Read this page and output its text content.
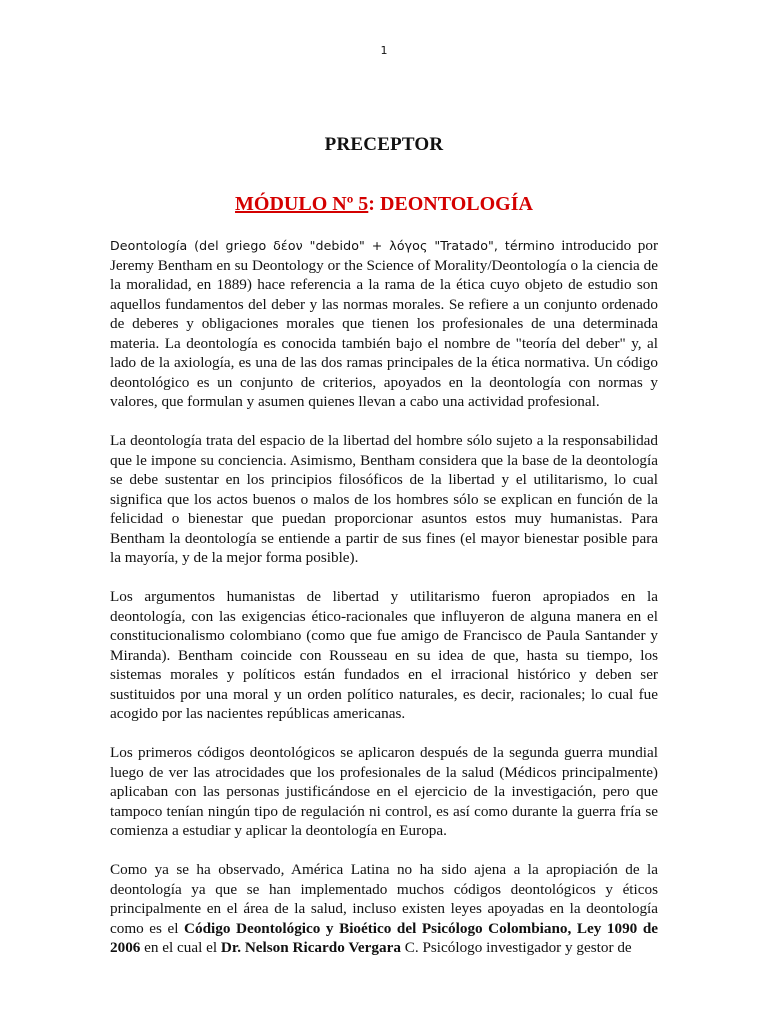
1
PRECEPTOR
MÓDULO Nº 5: DEONTOLOGÍA

Deontología (del griego δέον "debido" + λόγος "Tratado", término introducido por Jeremy Bentham en su Deontology or the Science of Morality/Deontología o la ciencia de la moralidad, en 1889) hace referencia a la rama de la ética cuyo objeto de estudio son aquellos fundamentos del deber y las normas morales. Se refiere a un conjunto ordenado de deberes y obligaciones morales que tienen los profesionales de una determinada materia. La deontología es conocida también bajo el nombre de "teoría del deber" y, al lado de la axiología, es una de las dos ramas principales de la ética normativa. Un código deontológico es un conjunto de criterios, apoyados en la deontología con normas y valores, que formulan y asumen quienes llevan a cabo una actividad profesional.

La deontología trata del espacio de la libertad del hombre sólo sujeto a la responsabilidad que le impone su conciencia. Asimismo, Bentham considera que la base de la deontología se debe sustentar en los principios filosóficos de la libertad y el utilitarismo, lo cual significa que los actos buenos o malos de los hombres sólo se explican en función de la felicidad o bienestar que puedan proporcionar asuntos estos muy humanistas. Para Bentham la deontología se entiende a partir de sus fines (el mayor bienestar posible para la mayoría, y de la mejor forma posible).

Los argumentos humanistas de libertad y utilitarismo fueron apropiados en la deontología, con las exigencias ético-racionales que influyeron de alguna manera en el constitucionalismo colombiano (como que fue amigo de Francisco de Paula Santander y Miranda). Bentham coincide con Rousseau en su idea de que, hasta su tiempo, los sistemas morales y políticos están fundados en el irracional histórico y deben ser sustituidos por una moral y un orden político naturales, es decir, racionales; lo cual fue acogido por las nacientes repúblicas americanas.

Los primeros códigos deontológicos se aplicaron después de la segunda guerra mundial luego de ver las atrocidades que los profesionales de la salud (Médicos principalmente) aplicaban con las personas justificándose en el ejercicio de la investigación, pero que tampoco tenían ningún tipo de regulación ni control, es así como durante la guerra fría se comienza a estudiar y aplicar la deontología en Europa.

Como ya se ha observado, América Latina no ha sido ajena a la apropiación de la deontología ya que se han implementado muchos códigos deontológicos y éticos principalmente en el área de la salud, incluso existen leyes apoyadas en la deontología como es el Código Deontológico y Bioético del Psicólogo Colombiano, Ley 1090 de 2006 en el cual el Dr. Nelson Ricardo Vergara C. Psicólogo investigador y gestor de
